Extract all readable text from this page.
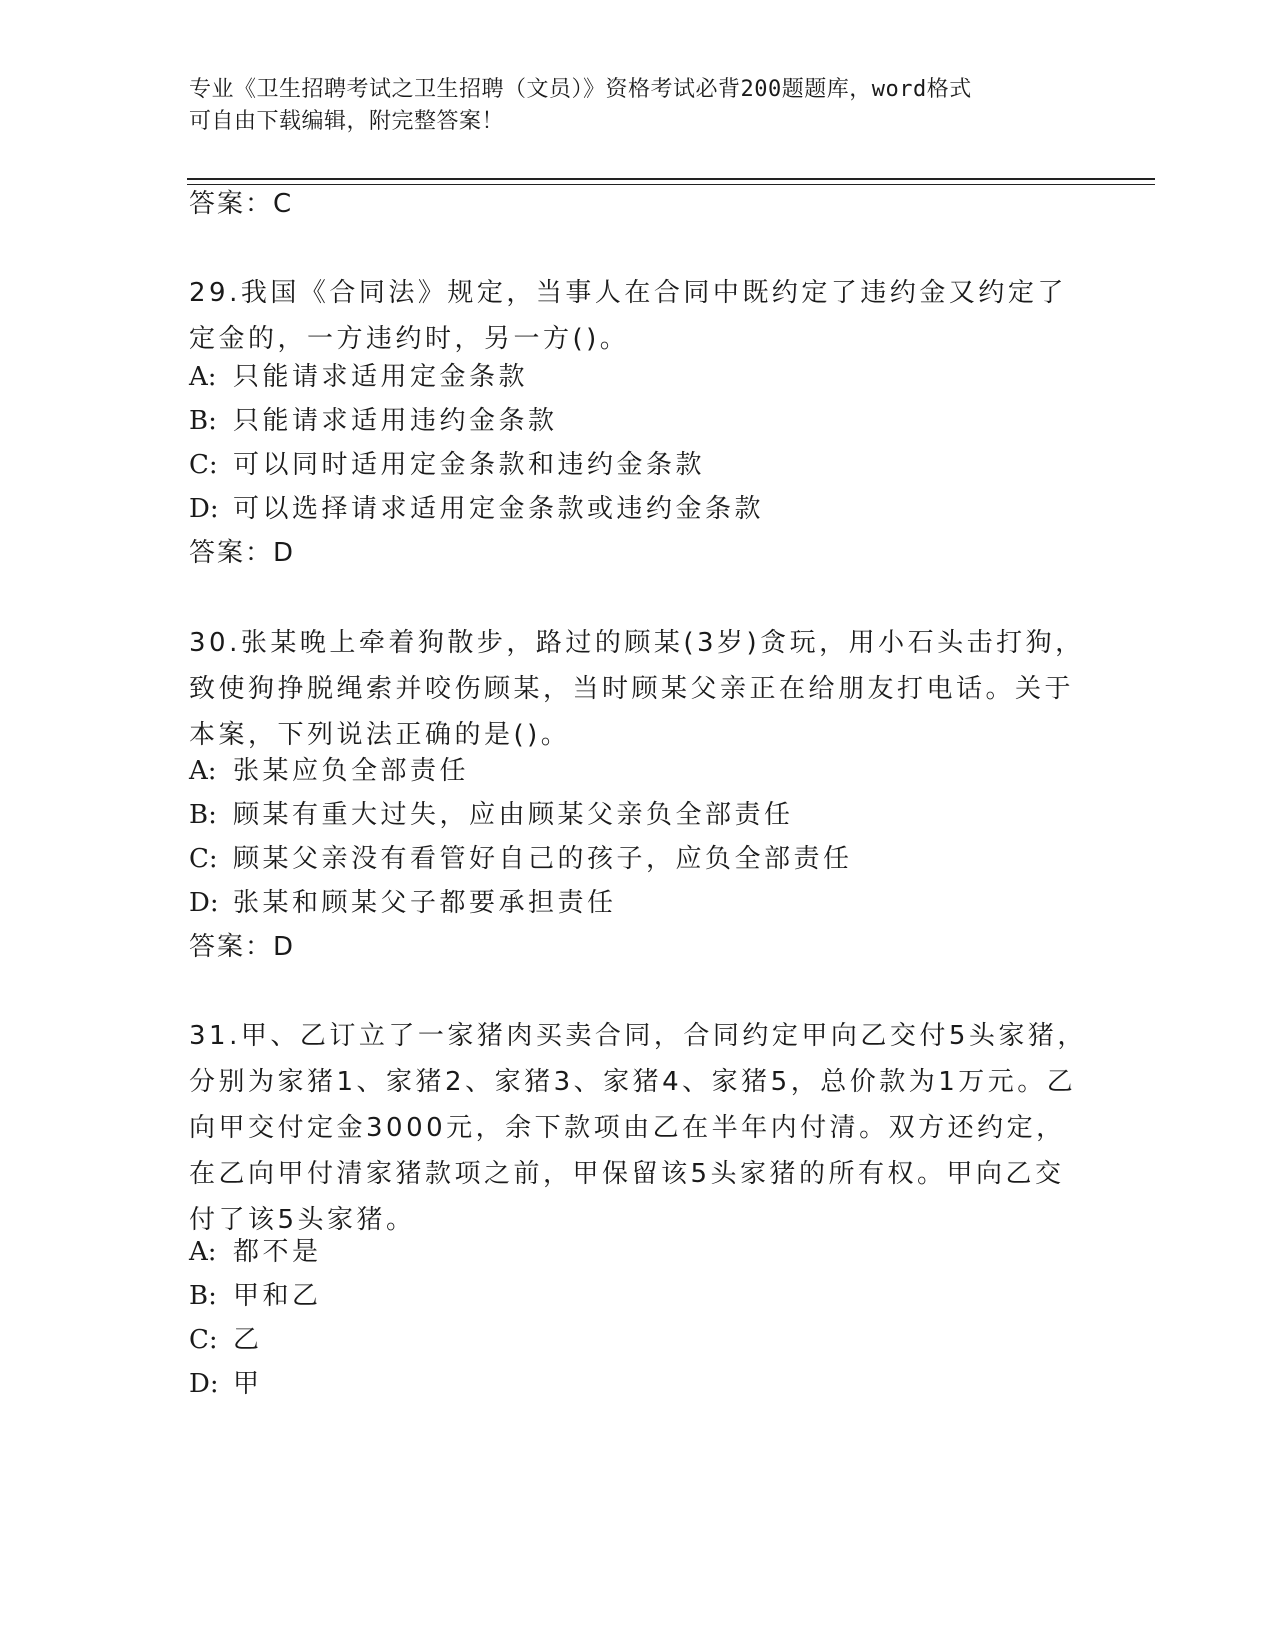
专业《卫生招聘考试之卫生招聘（文员）》资格考试必背200题题库，word格式
可自由下载编辑，附完整答案！
答案：C
29.我国《合同法》规定，当事人在合同中既约定了违约金又约定了定金的，一方违约时，另一方()。
A: 只能请求适用定金条款
B: 只能请求适用违约金条款
C: 可以同时适用定金条款和违约金条款
D: 可以选择请求适用定金条款或违约金条款
答案：D
30.张某晚上牵着狗散步，路过的顾某(3岁)贪玩，用小石头击打狗，致使狗挣脱绳索并咬伤顾某，当时顾某父亲正在给朋友打电话。关于本案，下列说法正确的是()。
A: 张某应负全部责任
B: 顾某有重大过失，应由顾某父亲负全部责任
C: 顾某父亲没有看管好自己的孩子，应负全部责任
D: 张某和顾某父子都要承担责任
答案：D
31.甲、乙订立了一家猪肉买卖合同，合同约定甲向乙交付5头家猪，分别为家猪1、家猪2、家猪3、家猪4、家猪5，总价款为1万元。乙向甲交付定金3000元，余下款项由乙在半年内付清。双方还约定，在乙向甲付清家猪款项之前，甲保留该5头家猪的所有权。甲向乙交付了该5头家猪。
A: 都不是
B: 甲和乙
C: 乙
D: 甲
